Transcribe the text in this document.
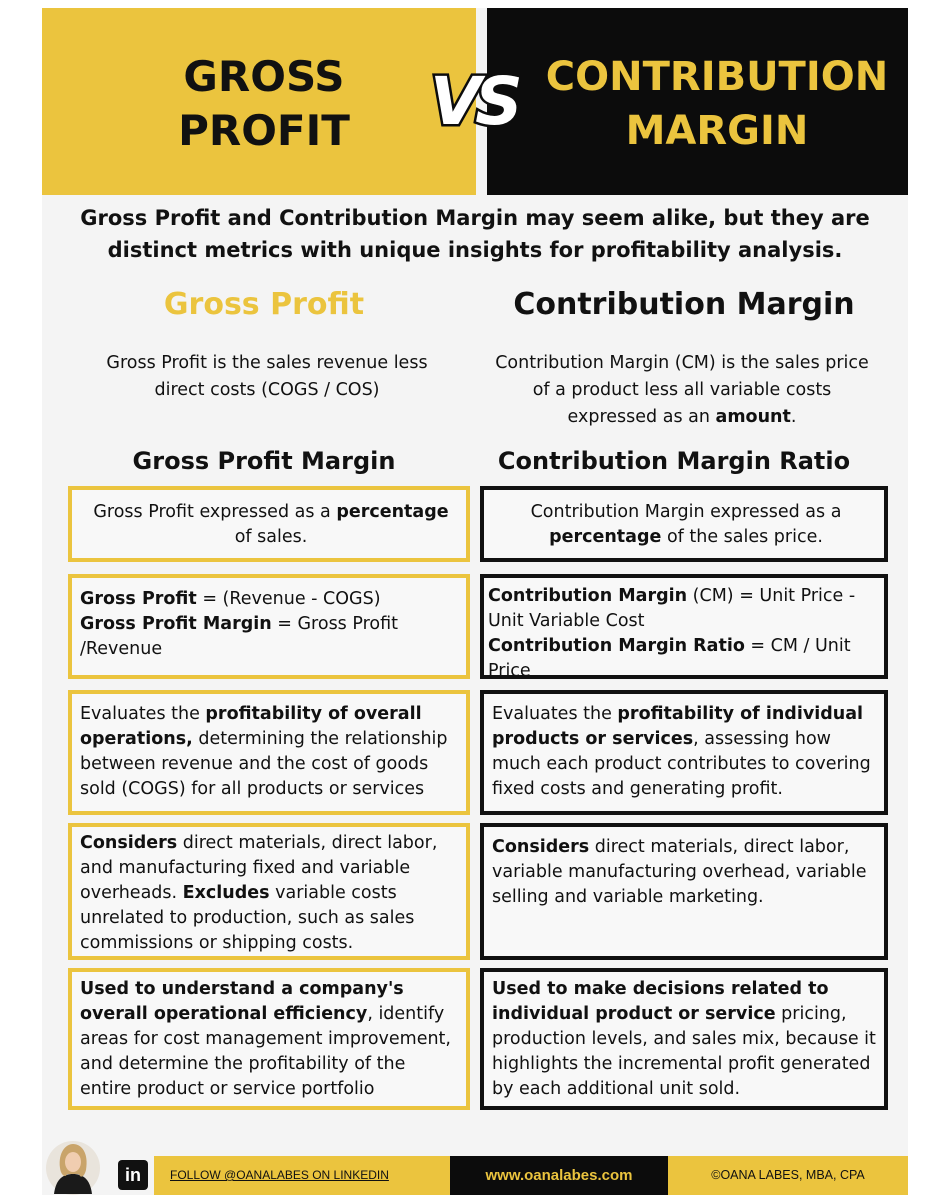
GROSS
PROFIT
CONTRIBUTION
MARGIN
VS
Gross Profit and Contribution Margin may seem alike, but they are distinct metrics with unique insights for profitability analysis.
Gross Profit	Contribution Margin
Gross Profit is the sales revenue less direct costs (COGS / COS)
Contribution Margin (CM) is the sales price of a product less all variable costs expressed as an amount.
Gross Profit Margin	Contribution Margin Ratio
Gross Profit expressed as a percentage of sales.
Contribution Margin expressed as a percentage of the sales price.
Gross Profit = (Revenue - COGS)
Gross Profit Margin = Gross Profit /Revenue
Contribution Margin (CM) = Unit Price - Unit Variable Cost
Contribution Margin Ratio = CM / Unit Price
Evaluates the profitability of overall operations, determining the relationship between revenue and the cost of goods sold (COGS) for all products or services
Evaluates the profitability of individual products or services, assessing how much each product contributes to covering fixed costs and generating profit.
Considers direct materials, direct labor, and manufacturing fixed and variable overheads. Excludes variable costs unrelated to production, such as sales commissions or shipping costs.
Considers direct materials, direct labor, variable manufacturing overhead, variable selling and variable marketing.
Used to understand a company's overall operational efficiency, identify areas for cost management improvement, and determine the profitability of the entire product or service portfolio
Used to make decisions related to individual product or service pricing, production levels, and sales mix, because it highlights the incremental profit generated by each additional unit sold.
in	FOLLOW @OANALABES ON LINKEDIN	www.oanalabes.com	©OANA LABES, MBA, CPA
